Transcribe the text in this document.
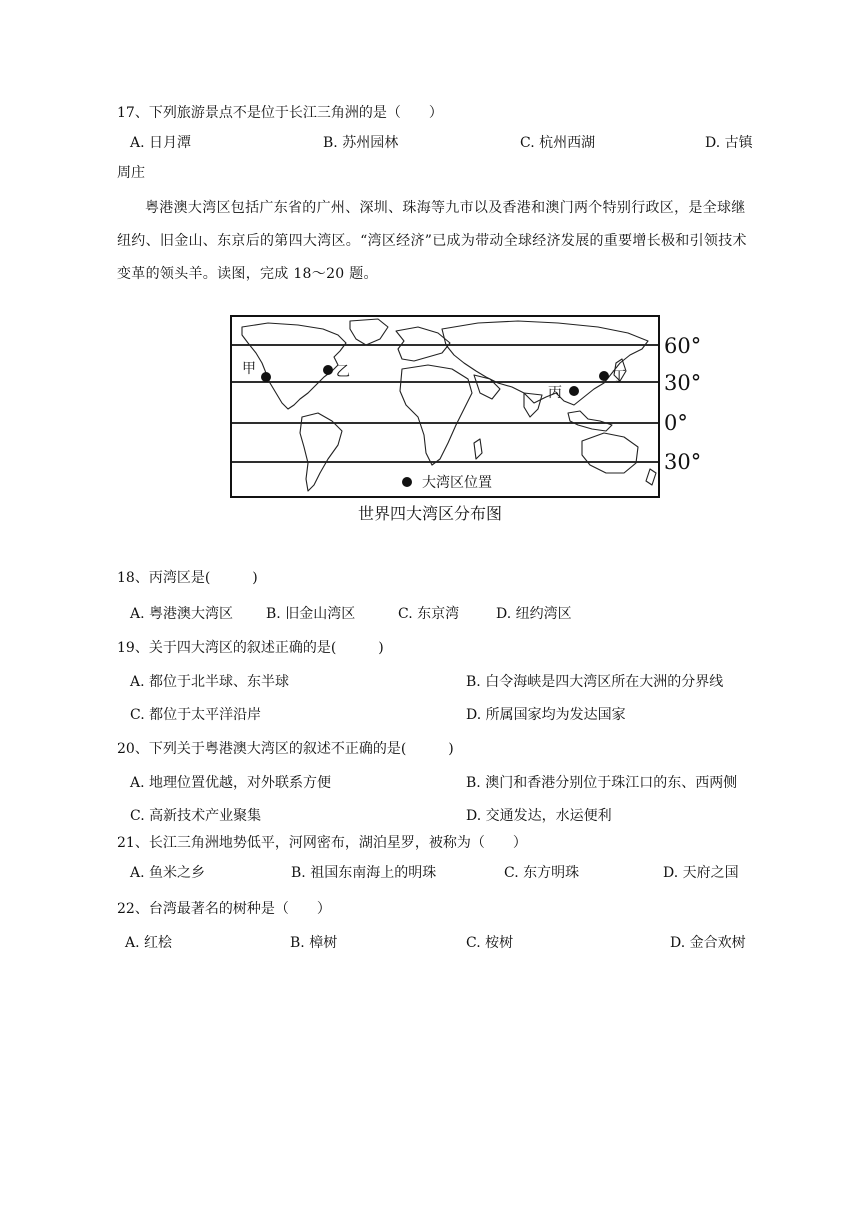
17、下列旅游景点不是位于长江三角洲的是（　　）
A. 日月潭	B. 苏州园林	C. 杭州西湖	D. 古镇
周庄
粤港澳大湾区包括广东省的广州、深圳、珠海等九市以及香港和澳门两个特别行政区，是全球继纽约、旧金山、东京后的第四大湾区。“湾区经济”已成为带动全球经济发展的重要增长极和引领技术变革的领头羊。读图，完成 18～20 题。
甲	乙
丙
丁
大湾区位置
60°
30°
0°
30°
世界四大湾区分布图
18、丙湾区是(　　　)
A. 粤港澳大湾区 B. 旧金山湾区	C. 东京湾	D. 纽约湾区
19、关于四大湾区的叙述正确的是(　　　)
A. 都位于北半球、东半球	B. 白令海峡是四大湾区所在大洲的分界线
C. 都位于太平洋沿岸	D. 所属国家均为发达国家
20、下列关于粤港澳大湾区的叙述不正确的是(　　　)
A. 地理位置优越，对外联系方便	B. 澳门和香港分别位于珠江口的东、西两侧
C. 高新技术产业聚集	D. 交通发达，水运便利
21、长江三角洲地势低平，河网密布，湖泊星罗，被称为（　　）
A. 鱼米之乡	B. 祖国东南海上的明珠	C. 东方明珠	D. 天府之国
22、台湾最著名的树种是（　　）
A. 红桧	B. 樟树	C. 桉树	D. 金合欢树
